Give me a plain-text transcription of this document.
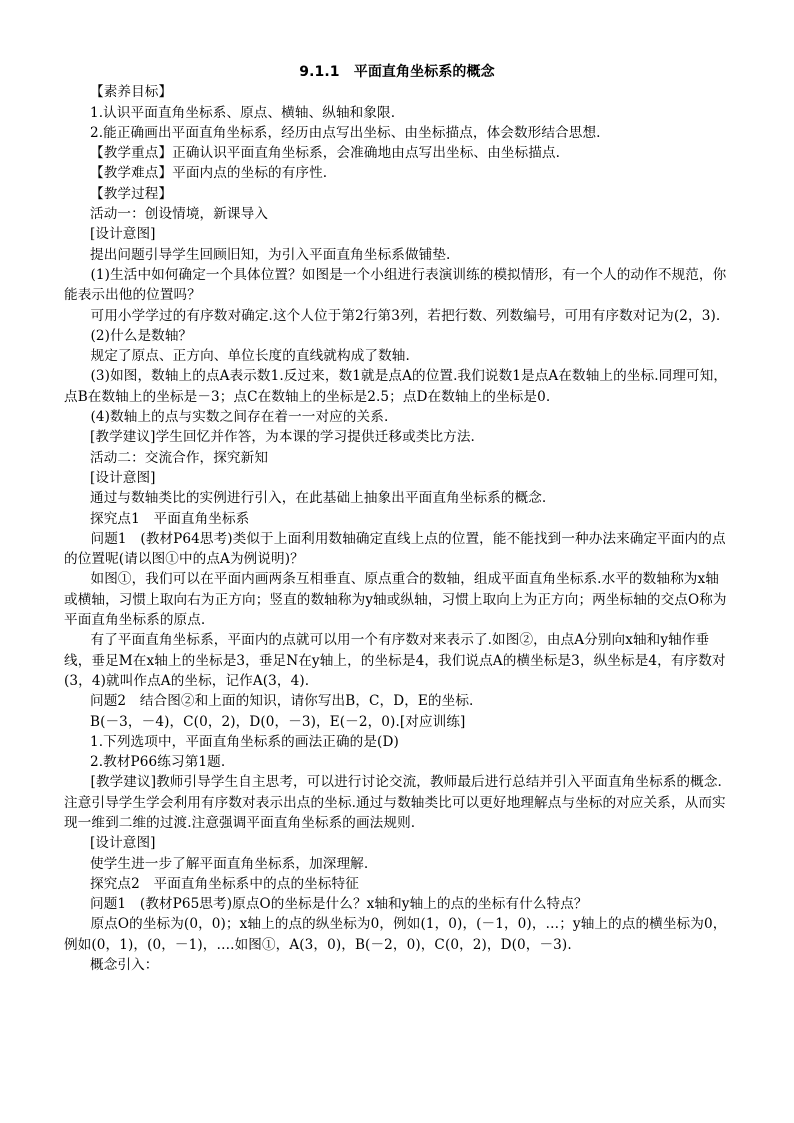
9.1.1　平面直角坐标系的概念

【素养目标】

1.认识平面直角坐标系、原点、横轴、纵轴和象限.

2.能正确画出平面直角坐标系，经历由点写出坐标、由坐标描点，体会数形结合思想.

【教学重点】正确认识平面直角坐标系，会准确地由点写出坐标、由坐标描点.

【教学难点】平面内点的坐标的有序性.

【教学过程】

活动一：创设情境，新课导入

[设计意图]

提出问题引导学生回顾旧知，为引入平面直角坐标系做铺垫.

(1)生活中如何确定一个具体位置？如图是一个小组进行表演训练的模拟情形，有一个人的动作不规范，你能表示出他的位置吗？

可用小学学过的有序数对确定.这个人位于第2行第3列，若把行数、列数编号，可用有序数对记为(2，3).

(2)什么是数轴？

规定了原点、正方向、单位长度的直线就构成了数轴.

(3)如图，数轴上的点A表示数1.反过来，数1就是点A的位置.我们说数1是点A在数轴上的坐标.同理可知，点B在数轴上的坐标是－3；点C在数轴上的坐标是2.5；点D在数轴上的坐标是0.

(4)数轴上的点与实数之间存在着一一对应的关系.

[教学建议]学生回忆并作答，为本课的学习提供迁移或类比方法.

活动二：交流合作，探究新知

[设计意图]

通过与数轴类比的实例进行引入，在此基础上抽象出平面直角坐标系的概念.

探究点1　平面直角坐标系

问题1　(教材P64思考)类似于上面利用数轴确定直线上点的位置，能不能找到一种办法来确定平面内的点的位置呢(请以图①中的点A为例说明)？

如图①，我们可以在平面内画两条互相垂直、原点重合的数轴，组成平面直角坐标系.水平的数轴称为x轴或横轴，习惯上取向右为正方向；竖直的数轴称为y轴或纵轴，习惯上取向上为正方向；两坐标轴的交点O称为平面直角坐标系的原点.

有了平面直角坐标系，平面内的点就可以用一个有序数对来表示了.如图②，由点A分别向x轴和y轴作垂线，垂足M在x轴上的坐标是3，垂足N在y轴上，的坐标是4，我们说点A的横坐标是3，纵坐标是4，有序数对(3，4)就叫作点A的坐标，记作A(3，4).

问题2　结合图②和上面的知识，请你写出B，C，D，E的坐标.

B(－3，－4)，C(0，2)，D(0，－3)，E(－2，0).[对应训练]

1.下列选项中，平面直角坐标系的画法正确的是(D)

2.教材P66练习第1题.

[教学建议]教师引导学生自主思考，可以进行讨论交流，教师最后进行总结并引入平面直角坐标系的概念.注意引导学生学会利用有序数对表示出点的坐标.通过与数轴类比可以更好地理解点与坐标的对应关系，从而实现一维到二维的过渡.注意强调平面直角坐标系的画法规则.

[设计意图]

使学生进一步了解平面直角坐标系，加深理解.

探究点2　平面直角坐标系中的点的坐标特征

问题1　(教材P65思考)原点O的坐标是什么？x轴和y轴上的点的坐标有什么特点？

原点O的坐标为(0，0)；x轴上的点的纵坐标为0，例如(1，0)，(－1，0)，…；y轴上的点的横坐标为0，例如(0，1)，(0，－1)，….如图①，A(3，0)，B(－2，0)，C(0，2)，D(0，－3).

概念引入：
